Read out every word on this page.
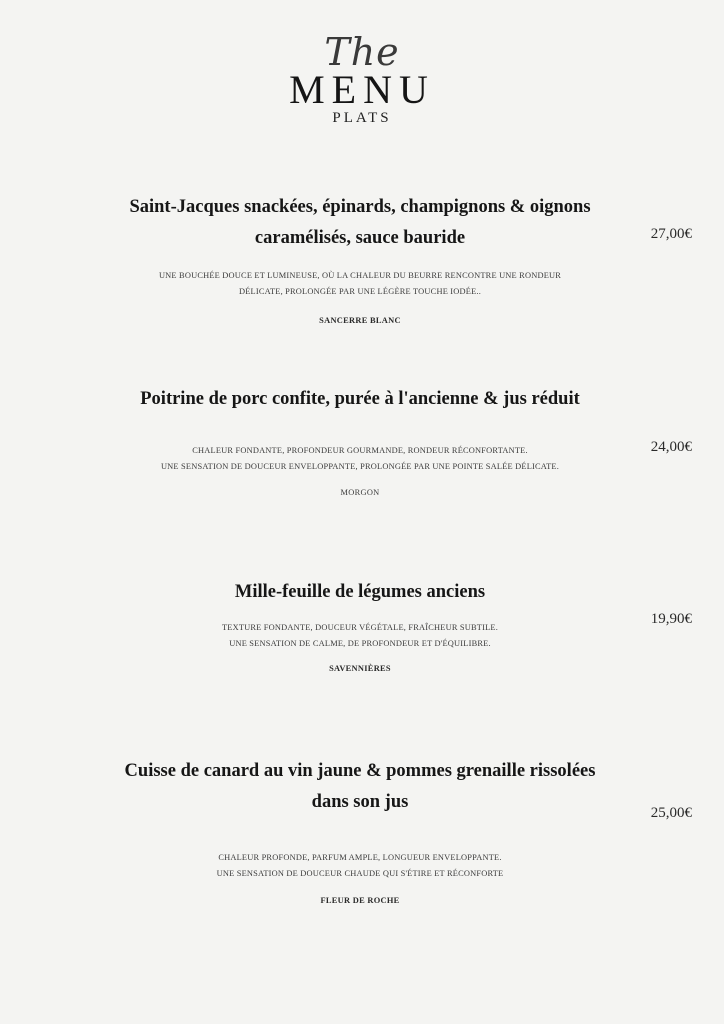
The
MENU
PLATS
Saint-Jacques snackées, épinards, champignons & oignons
caramélisés, sauce bauride
UNE BOUCHÉE DOUCE ET LUMINEUSE, OÙ LA CHALEUR DU BEURRE RENCONTRE UNE RONDEUR
DÉLICATE, PROLONGÉE PAR UNE LÉGÈRE TOUCHE IODÉE..
SANCERRE BLANC
27,00€
Poitrine de porc confite, purée à l'ancienne & jus réduit
CHALEUR FONDANTE, PROFONDEUR GOURMANDE, RONDEUR RÉCONFORTANTE.
UNE SENSATION DE DOUCEUR ENVELOPPANTE, PROLONGÉE PAR UNE POINTE SALÉE DÉLICATE.
MORGON
24,00€
Mille-feuille de légumes anciens
TEXTURE FONDANTE, DOUCEUR VÉGÉTALE, FRAÎCHEUR SUBTILE.
UNE SENSATION DE CALME, DE PROFONDEUR ET D'ÉQUILIBRE.
SAVENNIÈRES
19,90€
Cuisse de canard au vin jaune & pommes grenaille rissolées
dans son jus
CHALEUR PROFONDE, PARFUM AMPLE, LONGUEUR ENVELOPPANTE.
UNE SENSATION DE DOUCEUR CHAUDE QUI S'ÉTIRE ET RÉCONFORTE
FLEUR DE ROCHE
25,00€
